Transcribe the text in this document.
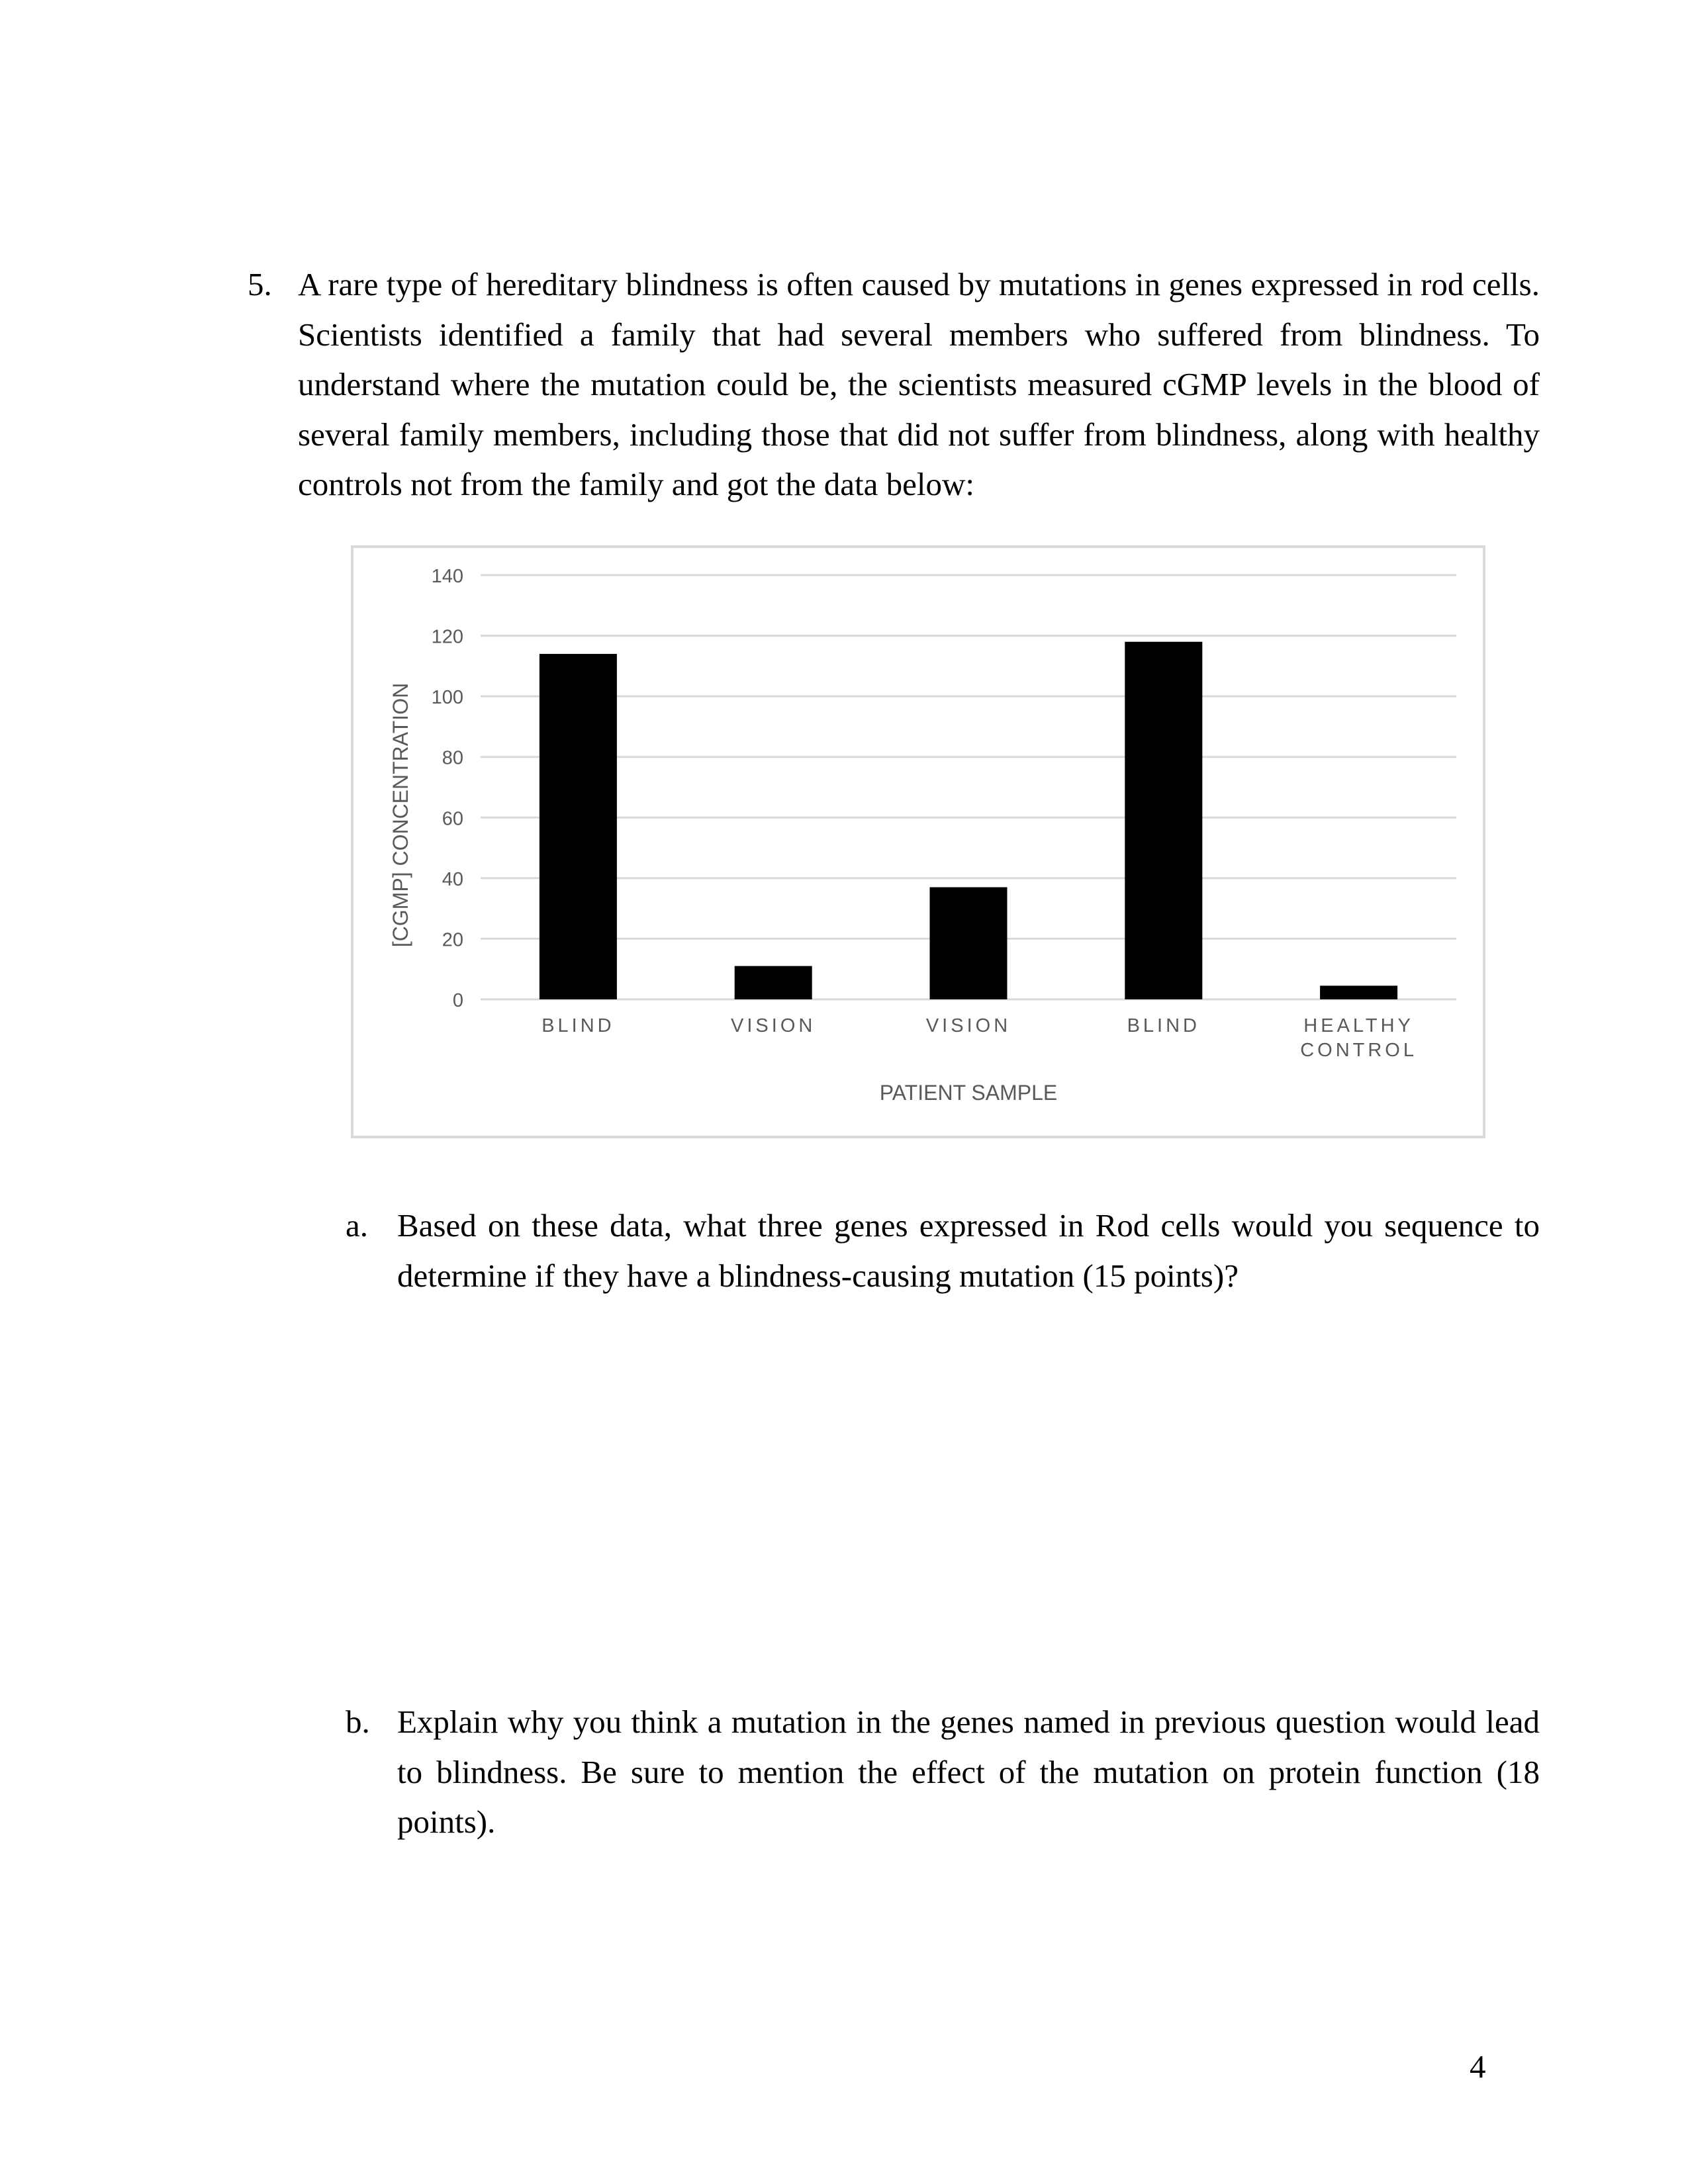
5. A rare type of hereditary blindness is often caused by mutations in genes expressed in rod cells. Scientists identified a family that had several members who suffered from blindness. To understand where the mutation could be, the scientists measured cGMP levels in the blood of several family members, including those that did not suffer from blindness, along with healthy controls not from the family and got the data below:

0
20
40
60
80
100
120
140
BLIND	VISION	VISION	BLIND	HEALTHY
CONTROL
PATIENT SAMPLE
[CGMP] CONCENTRATION
a. Based on these data, what three genes expressed in Rod cells would you sequence to determine if they have a blindness-causing mutation (15 points)?

b. Explain why you think a mutation in the genes named in previous question would lead to blindness. Be sure to mention the effect of the mutation on protein function (18 points).

4
